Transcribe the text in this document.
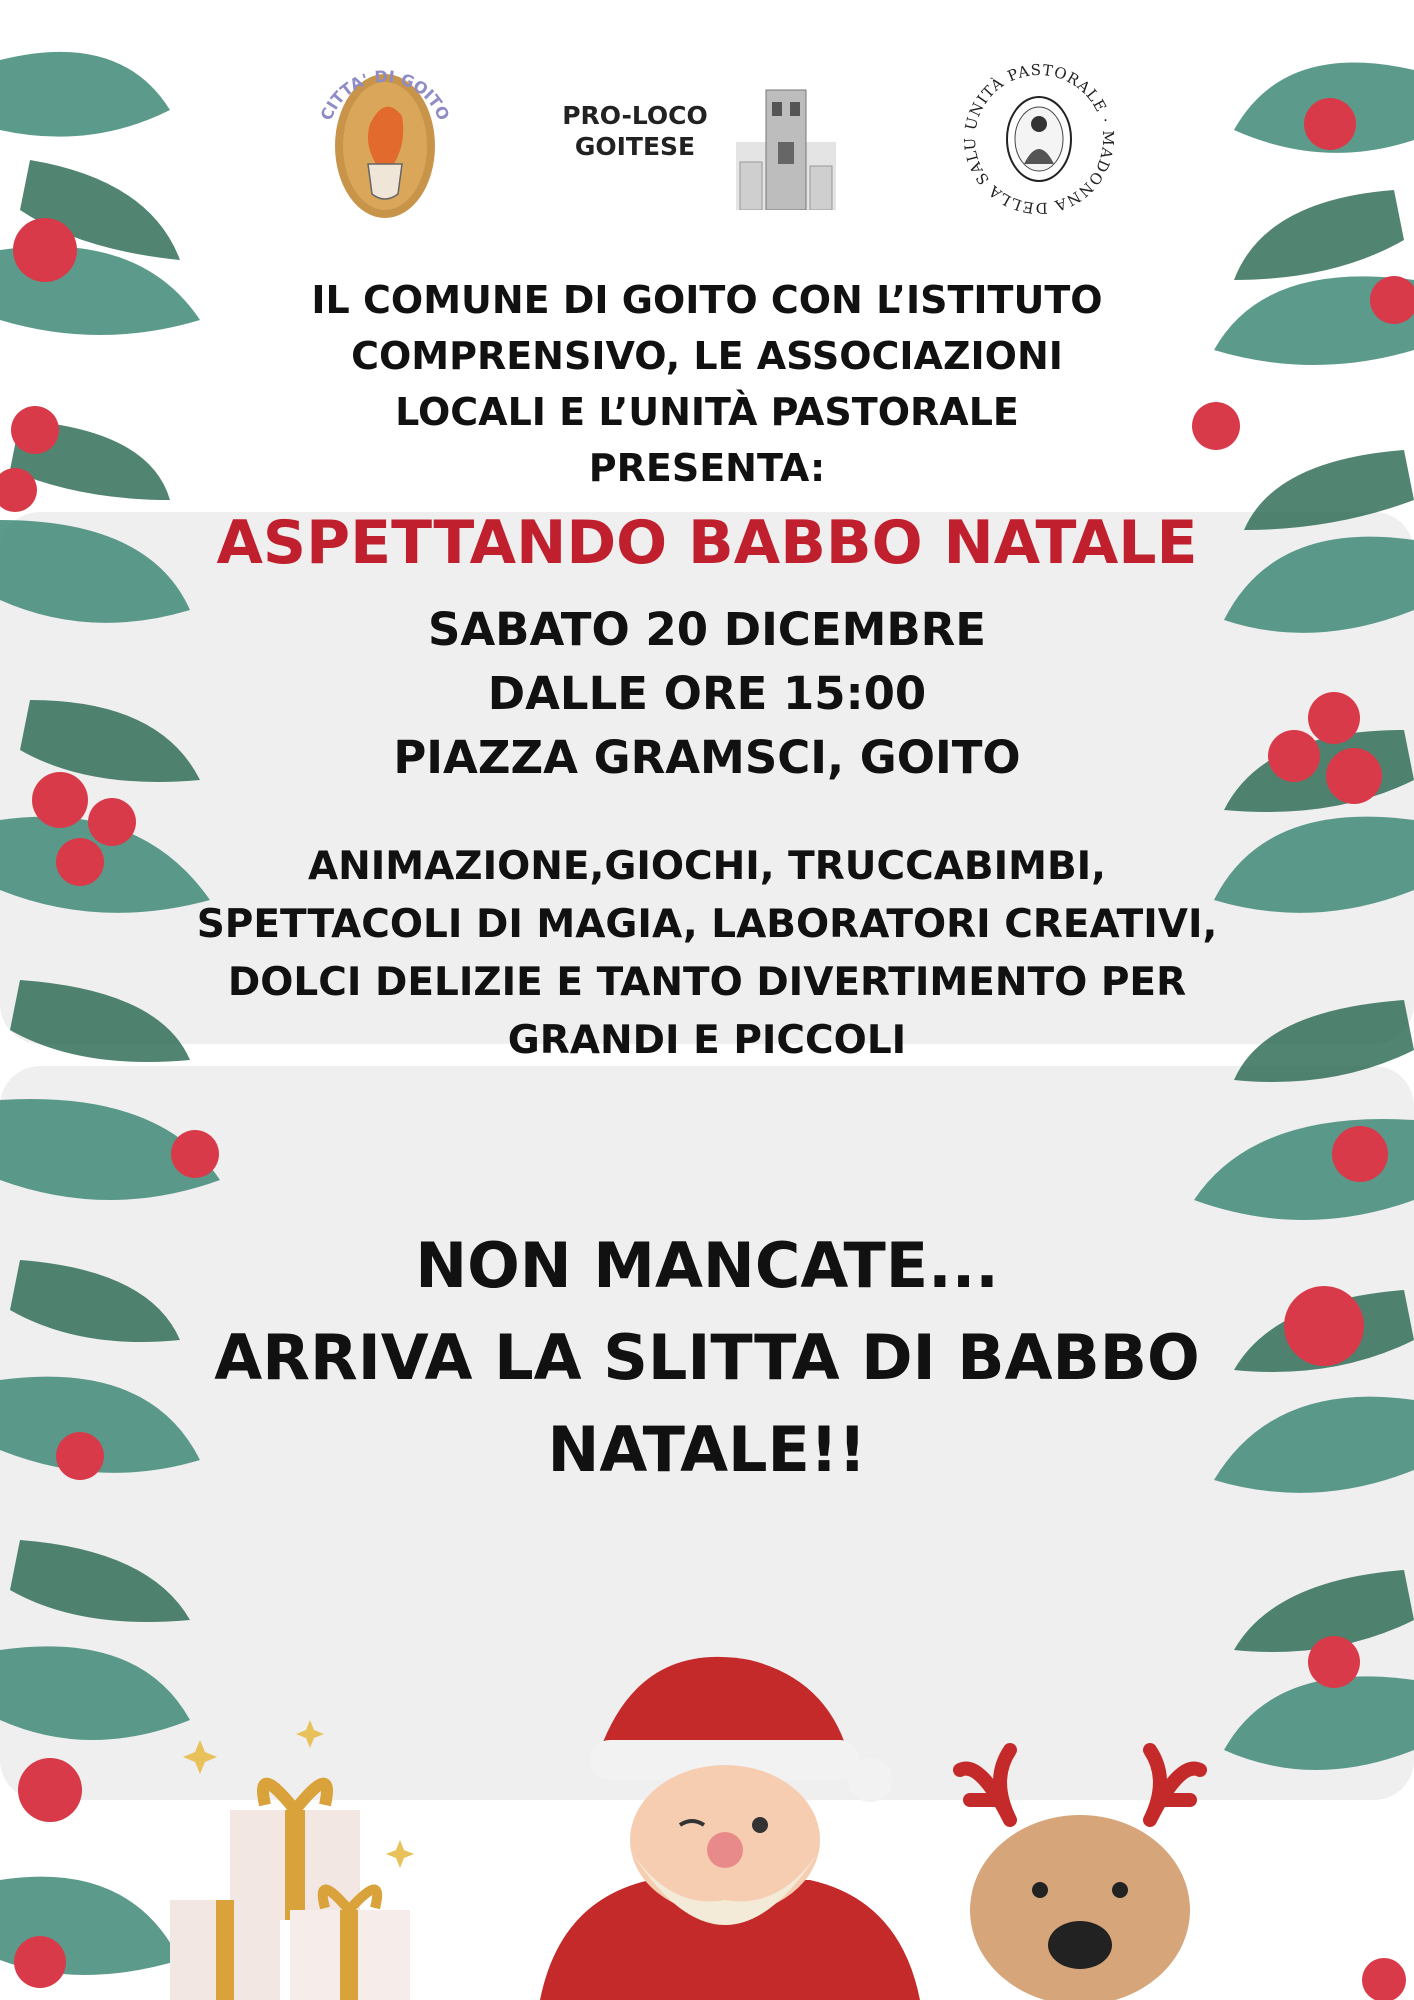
CITTA' DI GOITO	PRO-LOCO
GOITESE
UNITÀ PASTORALE · MADONNA DELLA SALU
IL COMUNE DI GOITO CON L’ISTITUTO
COMPRENSIVO, LE ASSOCIAZIONI
LOCALI E L’UNITÀ PASTORALE
PRESENTA:
ASPETTANDO BABBO NATALE
SABATO 20 DICEMBRE
DALLE ORE 15:00
PIAZZA GRAMSCI, GOITO
ANIMAZIONE,GIOCHI, TRUCCABIMBI,
SPETTACOLI DI MAGIA, LABORATORI CREATIVI,
DOLCI DELIZIE E TANTO DIVERTIMENTO PER
GRANDI E PICCOLI
NON MANCATE...
ARRIVA LA SLITTA DI BABBO
NATALE!!
